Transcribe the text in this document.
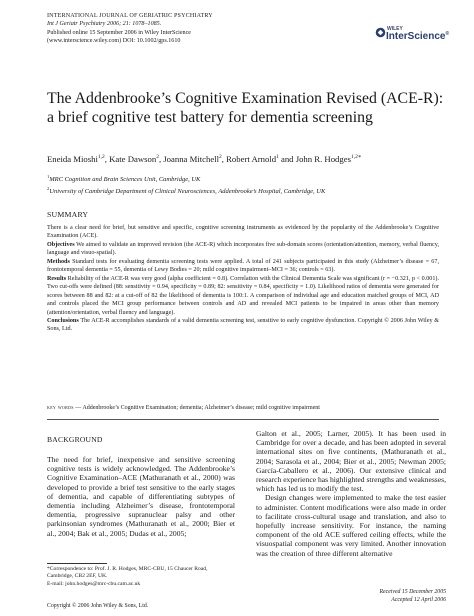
INTERNATIONAL JOURNAL OF GERIATRIC PSYCHIATRY
Int J Geriatr Psychiatry 2006; 21: 1078–1085.
Published online 15 September 2006 in Wiley InterScience
(www.interscience.wiley.com) DOI: 10.1002/gps.1610
WILEY
InterScience®
The Addenbrooke’s Cognitive Examination Revised (ACE-R): a brief cognitive test battery for dementia screening
Eneida Mioshi$^{1,2}$, Kate Dawson$^2$, Joanna Mitchell$^2$, Robert Arnold$^1$ and John R. Hodges$^{1,2∗}$
$^1$MRC Cognition and Brain Sciences Unit, Cambridge, UK
$^2$University of Cambridge Department of Clinical Neurosciences, Addenbrooke’s Hospital, Cambridge, UK
SUMMARY

There is a clear need for brief, but sensitive and specific, cognitive screening instruments as evidenced by the popularity of the Addenbrooke’s Cognitive Examination (ACE).

Objectives We aimed to validate an improved revision (the ACE-R) which incorporates five sub-domain scores (orientation/attention, memory, verbal fluency, language and visuo-spatial).

Methods Standard tests for evaluating dementia screening tests were applied. A total of 241 subjects participated in this study (Alzheimer’s disease = 67, frontotemporal dementia = 55, dementia of Lewy Bodies = 20; mild cognitive impairment–MCI = 36; controls = 63).

Results Reliability of the ACE-R was very good (alpha coefficient = 0.8). Correlation with the Clinical Dementia Scale was significant (r = −0.321, p < 0.001). Two cut-offs were defined (88: sensitivity = 0.94, specificity = 0.89; 82: sensitivity = 0.84, specificity = 1.0). Likelihood ratios of dementia were generated for scores between 88 and 82: at a cut-off of 82 the likelihood of dementia is 100:1. A comparison of individual age and education matched groups of MCI, AD and controls placed the MCI group performance between controls and AD and revealed MCI patients to be impaired in areas other than memory (attention/orientation, verbal fluency and language).

Conclusions The ACE-R accomplishes standards of a valid dementia screening test, sensitive to early cognitive dysfunction. Copyright © 2006 John Wiley & Sons, Ltd.

key words — Addenbrooke’s Cognitive Examination; dementia; Alzheimer’s disease; mild cognitive impairment
BACKGROUND

The need for brief, inexpensive and sensitive screening cognitive tests is widely acknowledged. The Addenbrooke’s Cognitive Examination–ACE (Mathuranath et al., 2000) was developed to provide a brief test sensitive to the early stages of dementia, and capable of differentiating subtypes of dementia including Alzheimer’s disease, frontotemporal dementia, progressive supranuclear palsy and other parkinsonian syndromes (Mathuranath et al., 2000; Bier et al., 2004; Bak et al., 2005; Dudas et al., 2005;

Galton et al., 2005; Larner, 2005). It has been used in Cambridge for over a decade, and has been adopted in several international sites on five continents, (Mathuranath et al., 2004; Sarasola et al., 2004; Bier et al., 2005; Newman 2005; García-Caballero et al., 2006). Our extensive clinical and research experience has highlighted strengths and weaknesses, which has led us to modify the test.

Design changes were implemented to make the test easier to administer. Content modifications were also made in order to facilitate cross-cultural usage and translation, and also to hopefully increase sensitivity. For instance, the naming component of the old ACE suffered ceiling effects, while the visuospatial component was very limited. Another innovation was the creation of three different alternative

*Correspondence to: Prof. J. R. Hodges, MRC-CBU, 15 Chaucer Road, Cambridge, CB2 2EF, UK.
E-mail: john.hodges@mrc-cbu.cam.ac.uk
Copyright © 2006 John Wiley & Sons, Ltd.
Received 15 December 2005
Accepted 12 April 2006
